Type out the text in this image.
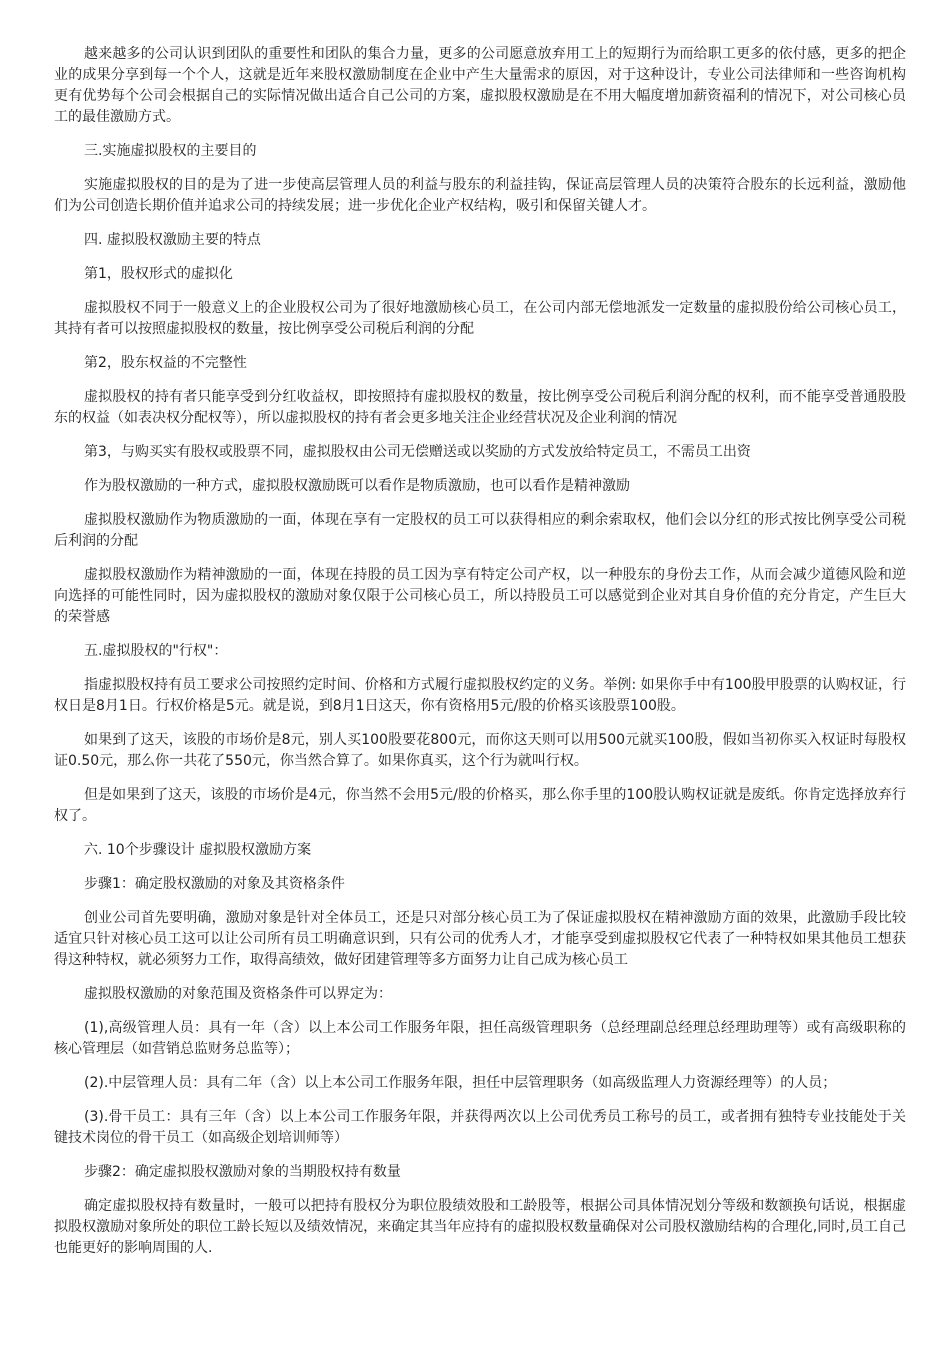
越来越多的公司认识到团队的重要性和团队的集合力量，更多的公司愿意放弃用工上的短期行为而给职工更多的依付感，更多的把企业的成果分享到每一个个人，这就是近年来股权激励制度在企业中产生大量需求的原因，对于这种设计，专业公司法律师和一些咨询机构更有优势每个公司会根据自己的实际情况做出适合自己公司的方案，虚拟股权激励是在不用大幅度增加薪资福利的情况下，对公司核心员工的最佳激励方式。

三.实施虚拟股权的主要目的

实施虚拟股权的目的是为了进一步使高层管理人员的利益与股东的利益挂钩，保证高层管理人员的决策符合股东的长远利益，激励他们为公司创造长期价值并追求公司的持续发展；进一步优化企业产权结构，吸引和保留关键人才。

四. 虚拟股权激励主要的特点

第1，股权形式的虚拟化

虚拟股权不同于一般意义上的企业股权公司为了很好地激励核心员工，在公司内部无偿地派发一定数量的虚拟股份给公司核心员工，其持有者可以按照虚拟股权的数量，按比例享受公司税后利润的分配

第2，股东权益的不完整性

虚拟股权的持有者只能享受到分红收益权，即按照持有虚拟股权的数量，按比例享受公司税后利润分配的权利，而不能享受普通股股东的权益（如表决权分配权等），所以虚拟股权的持有者会更多地关注企业经营状况及企业利润的情况

第3，与购买实有股权或股票不同，虚拟股权由公司无偿赠送或以奖励的方式发放给特定员工，不需员工出资

作为股权激励的一种方式，虚拟股权激励既可以看作是物质激励，也可以看作是精神激励

虚拟股权激励作为物质激励的一面，体现在享有一定股权的员工可以获得相应的剩余索取权，他们会以分红的形式按比例享受公司税后利润的分配

虚拟股权激励作为精神激励的一面，体现在持股的员工因为享有特定公司产权，以一种股东的身份去工作，从而会减少道德风险和逆向选择的可能性同时，因为虚拟股权的激励对象仅限于公司核心员工，所以持股员工可以感觉到企业对其自身价值的充分肯定，产生巨大的荣誉感

五.虚拟股权的"行权"：

指虚拟股权持有员工要求公司按照约定时间、价格和方式履行虚拟股权约定的义务。举例: 如果你手中有100股甲股票的认购权证，行权日是8月1日。行权价格是5元。就是说，到8月1日这天，你有资格用5元/股的价格买该股票100股。

如果到了这天，该股的市场价是8元，别人买100股要花800元，而你这天则可以用500元就买100股，假如当初你买入权证时每股权证0.50元，那么你一共花了550元，你当然合算了。如果你真买，这个行为就叫行权。

但是如果到了这天，该股的市场价是4元，你当然不会用5元/股的价格买，那么你手里的100股认购权证就是废纸。你肯定选择放弃行权了。

六. 10个步骤设计 虚拟股权激励方案

步骤1：确定股权激励的对象及其资格条件

创业公司首先要明确，激励对象是针对全体员工，还是只对部分核心员工为了保证虚拟股权在精神激励方面的效果，此激励手段比较适宜只针对核心员工这可以让公司所有员工明确意识到，只有公司的优秀人才，才能享受到虚拟股权它代表了一种特权如果其他员工想获得这种特权，就必须努力工作，取得高绩效，做好团建管理等多方面努力让自己成为核心员工

虚拟股权激励的对象范围及资格条件可以界定为：

(1),高级管理人员：具有一年（含）以上本公司工作服务年限，担任高级管理职务（总经理副总经理总经理助理等）或有高级职称的核心管理层（如营销总监财务总监等）；

(2).中层管理人员：具有二年（含）以上本公司工作服务年限，担任中层管理职务（如高级监理人力资源经理等）的人员；

(3).骨干员工：具有三年（含）以上本公司工作服务年限，并获得两次以上公司优秀员工称号的员工，或者拥有独特专业技能处于关键技术岗位的骨干员工（如高级企划培训师等）

步骤2：确定虚拟股权激励对象的当期股权持有数量

确定虚拟股权持有数量时，一般可以把持有股权分为职位股绩效股和工龄股等，根据公司具体情况划分等级和数额换句话说，根据虚拟股权激励对象所处的职位工龄长短以及绩效情况，来确定其当年应持有的虚拟股权数量确保对公司股权激励结构的合理化,同时,员工自己也能更好的影响周围的人.
